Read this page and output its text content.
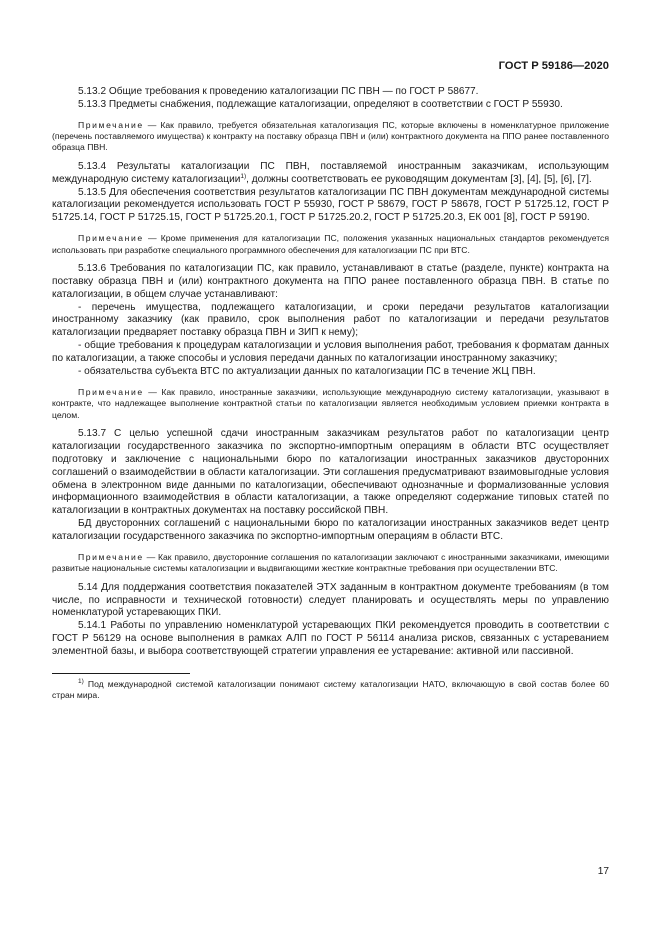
ГОСТ Р 59186—2020

5.13.2 Общие требования к проведению каталогизации ПС ПВН — по ГОСТ Р 58677.

5.13.3 Предметы снабжения, подлежащие каталогизации, определяют в соответствии с ГОСТ Р 55930.

Примечание — Как правило, требуется обязательная каталогизация ПС, которые включены в номенклатурное приложение (перечень поставляемого имущества) к контракту на поставку образца ПВН и (или) контрактного документа на ППО ранее поставленного образца ПВН.

5.13.4 Результаты каталогизации ПС ПВН, поставляемой иностранным заказчикам, использующим международную систему каталогизации$^{1)}$, должны соответствовать ее руководящим документам [3], [4], [5], [6], [7].

5.13.5 Для обеспечения соответствия результатов каталогизации ПС ПВН документам международной системы каталогизации рекомендуется использовать ГОСТ Р 55930, ГОСТ Р 58679, ГОСТ Р 58678, ГОСТ Р 51725.12, ГОСТ Р 51725.14, ГОСТ Р 51725.15, ГОСТ Р 51725.20.1, ГОСТ Р 51725.20.2, ГОСТ Р 51725.20.3, ЕК 001 [8], ГОСТ Р 59190.

Примечание — Кроме применения для каталогизации ПС, положения указанных национальных стандартов рекомендуется использовать при разработке специального программного обеспечения для каталогизации ПС при ВТС.

5.13.6 Требования по каталогизации ПС, как правило, устанавливают в статье (разделе, пункте) контракта на поставку образца ПВН и (или) контрактного документа на ППО ранее поставленного образца ПВН. В статье по каталогизации, в общем случае устанавливают:

- перечень имущества, подлежащего каталогизации, и сроки передачи результатов каталогизации иностранному заказчику (как правило, срок выполнения работ по каталогизации и передачи результатов каталогизации предваряет поставку образца ПВН и ЗИП к нему);

- общие требования к процедурам каталогизации и условия выполнения работ, требования к форматам данных по каталогизации, а также способы и условия передачи данных по каталогизации иностранному заказчику;

- обязательства субъекта ВТС по актуализации данных по каталогизации ПС в течение ЖЦ ПВН.

Примечание — Как правило, иностранные заказчики, использующие международную систему каталогизации, указывают в контракте, что надлежащее выполнение контрактной статьи по каталогизации является необходимым условием приемки контракта в целом.

5.13.7 С целью успешной сдачи иностранным заказчикам результатов работ по каталогизации центр каталогизации государственного заказчика по экспортно-импортным операциям в области ВТС осуществляет подготовку и заключение с национальными бюро по каталогизации иностранных заказчиков двусторонних соглашений о взаимодействии в области каталогизации. Эти соглашения предусматривают взаимовыгодные условия обмена в электронном виде данными по каталогизации, обеспечивают однозначные и формализованные условия информационного взаимодействия в области каталогизации, а также определяют содержание типовых статей по каталогизации в контрактных документах на поставку российской ПВН.

БД двусторонних соглашений с национальными бюро по каталогизации иностранных заказчиков ведет центр каталогизации государственного заказчика по экспортно-импортным операциям в области ВТС.

Примечание — Как правило, двусторонние соглашения по каталогизации заключают с иностранными заказчиками, имеющими развитые национальные системы каталогизации и выдвигающими жесткие контрактные требования при осуществлении ВТС.

5.14 Для поддержания соответствия показателей ЭТХ заданным в контрактном документе требованиям (в том числе, по исправности и технической готовности) следует планировать и осуществлять меры по управлению номенклатурой устаревающих ПКИ.

5.14.1 Работы по управлению номенклатурой устаревающих ПКИ рекомендуется проводить в соответствии с ГОСТ Р 56129 на основе выполнения в рамках АЛП по ГОСТ Р 56114 анализа рисков, связанных с устареванием элементной базы, и выбора соответствующей стратегии управления ее устаревание: активной или пассивной.

$^{1)}$ Под международной системой каталогизации понимают систему каталогизации НАТО, включающую в свой состав более 60 стран мира.

17
